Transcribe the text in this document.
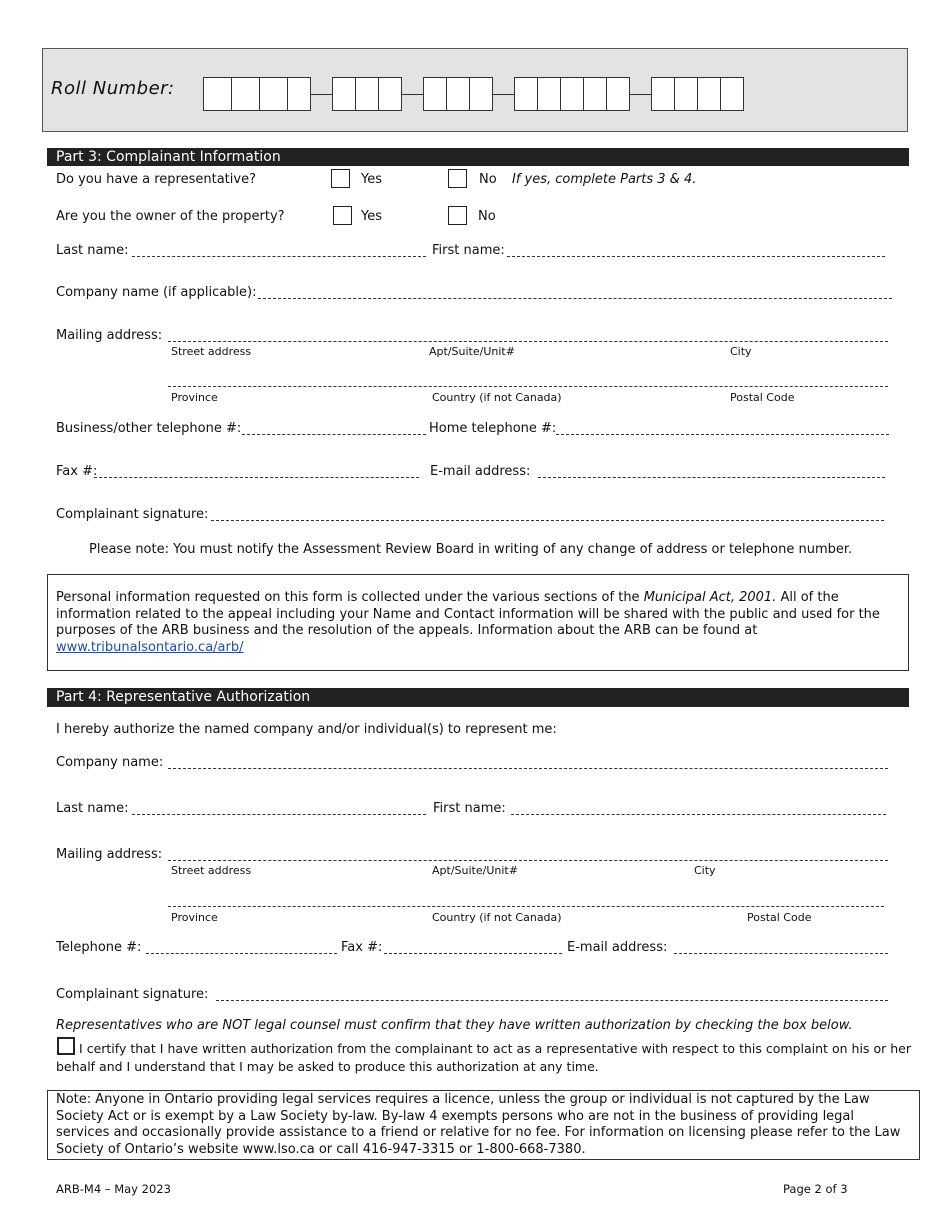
Roll Number:
Part 3: Complainant Information
Do you have a representative?	Yes	No If yes, complete Parts 3 & 4.
Are you the owner of the property?	Yes	No
Last name:	First name:
Company name (if applicable):
Mailing address:
Street address	Apt/Suite/Unit#	City
Province	Country (if not Canada)	Postal Code
Business/other telephone #:	Home telephone #:
Fax #:	E-mail address:
Complainant signature:
Please note: You must notify the Assessment Review Board in writing of any change of address or telephone number.
Personal information requested on this form is collected under the various sections of the Municipal Act, 2001. All of the information related to the appeal including your Name and Contact information will be shared with the public and used for the purposes of the ARB business and the resolution of the appeals. Information about the ARB can be found at
www.tribunalsontario.ca/arb/
Part 4: Representative Authorization
I hereby authorize the named company and/or individual(s) to represent me:
Company name:
Last name:	First name:
Mailing address:
Street address	Apt/Suite/Unit#	City
Province	Country (if not Canada)	Postal Code
Telephone #:	Fax #:	E-mail address:
Complainant signature:
Representatives who are NOT legal counsel must confirm that they have written authorization by checking the box below.
I certify that I have written authorization from the complainant to act as a representative with respect to this complaint on his or her behalf and I understand that I may be asked to produce this authorization at any time.
Note: Anyone in Ontario providing legal services requires a licence, unless the group or individual is not captured by the Law Society Act or is exempt by a Law Society by-law. By-law 4 exempts persons who are not in the business of providing legal services and occasionally provide assistance to a friend or relative for no fee. For information on licensing please refer to the Law Society of Ontario’s website www.lso.ca or call 416-947-3315 or 1-800-668-7380.
ARB-M4 – May 2023	Page 2 of 3
